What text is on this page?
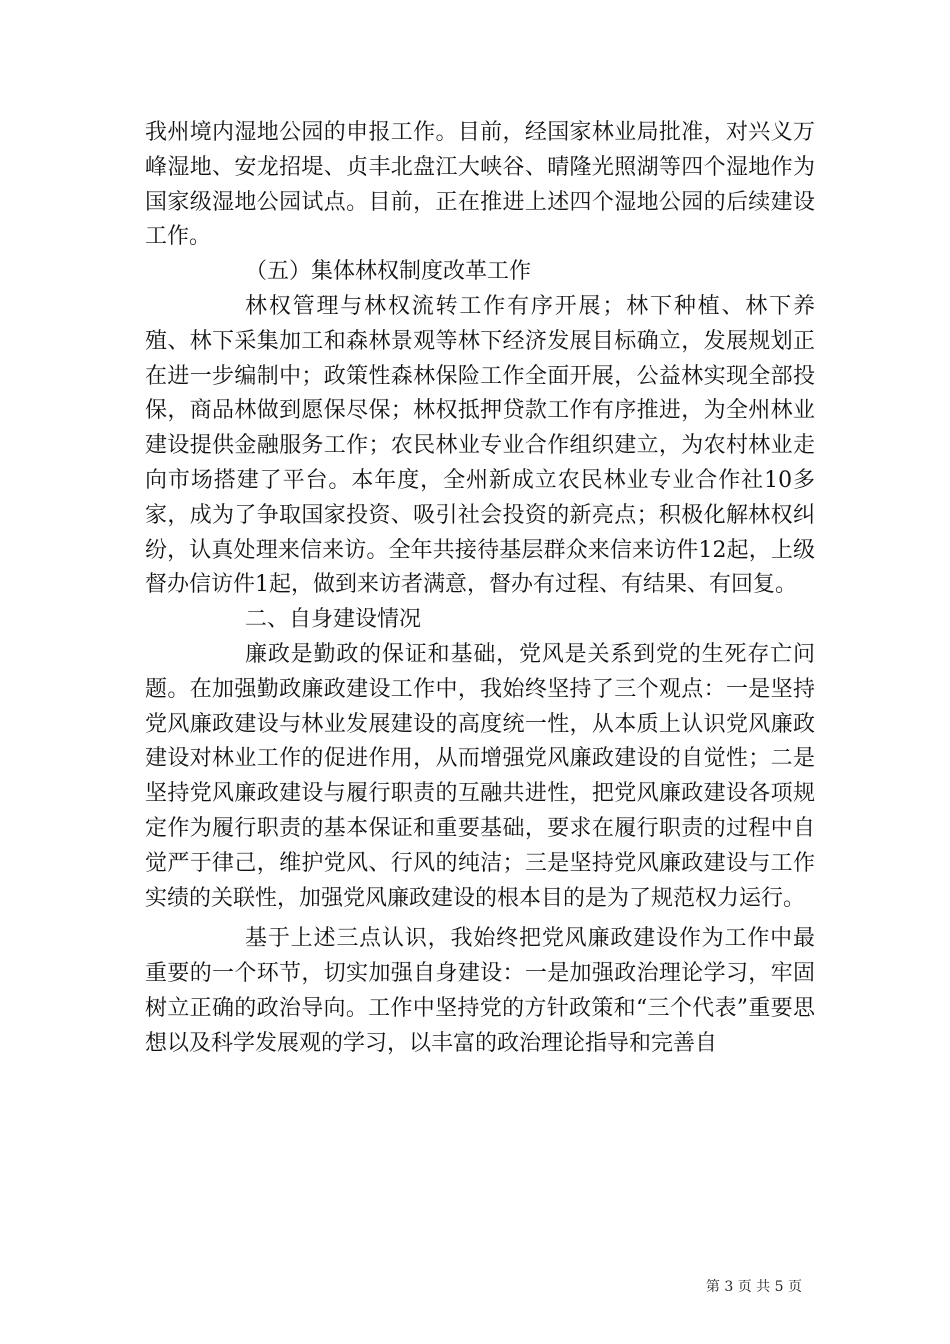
我州境内湿地公园的申报工作。目前，经国家林业局批准，对兴义万峰湿地、安龙招堤、贞丰北盘江大峡谷、晴隆光照湖等四个湿地作为国家级湿地公园试点。目前，正在推进上述四个湿地公园的后续建设工作。

（五）集体林权制度改革工作

林权管理与林权流转工作有序开展；林下种植、林下养殖、林下采集加工和森林景观等林下经济发展目标确立，发展规划正在进一步编制中；政策性森林保险工作全面开展，公益林实现全部投保，商品林做到愿保尽保；林权抵押贷款工作有序推进，为全州林业建设提供金融服务工作；农民林业专业合作组织建立，为农村林业走向市场搭建了平台。本年度，全州新成立农民林业专业合作社10多家，成为了争取国家投资、吸引社会投资的新亮点；积极化解林权纠纷，认真处理来信来访。全年共接待基层群众来信来访件12起，上级督办信访件1起，做到来访者满意，督办有过程、有结果、有回复。

二、自身建设情况

廉政是勤政的保证和基础，党风是关系到党的生死存亡问题。在加强勤政廉政建设工作中，我始终坚持了三个观点：一是坚持党风廉政建设与林业发展建设的高度统一性，从本质上认识党风廉政建设对林业工作的促进作用，从而增强党风廉政建设的自觉性；二是坚持党风廉政建设与履行职责的互融共进性，把党风廉政建设各项规定作为履行职责的基本保证和重要基础，要求在履行职责的过程中自觉严于律己，维护党风、行风的纯洁；三是坚持党风廉政建设与工作实绩的关联性，加强党风廉政建设的根本目的是为了规范权力运行。

基于上述三点认识，我始终把党风廉政建设作为工作中最重要的一个环节，切实加强自身建设：一是加强政治理论学习，牢固树立正确的政治导向。工作中坚持党的方针政策和“三个代表”重要思想以及科学发展观的学习，以丰富的政治理论指导和完善自

第 3 页 共 5 页
